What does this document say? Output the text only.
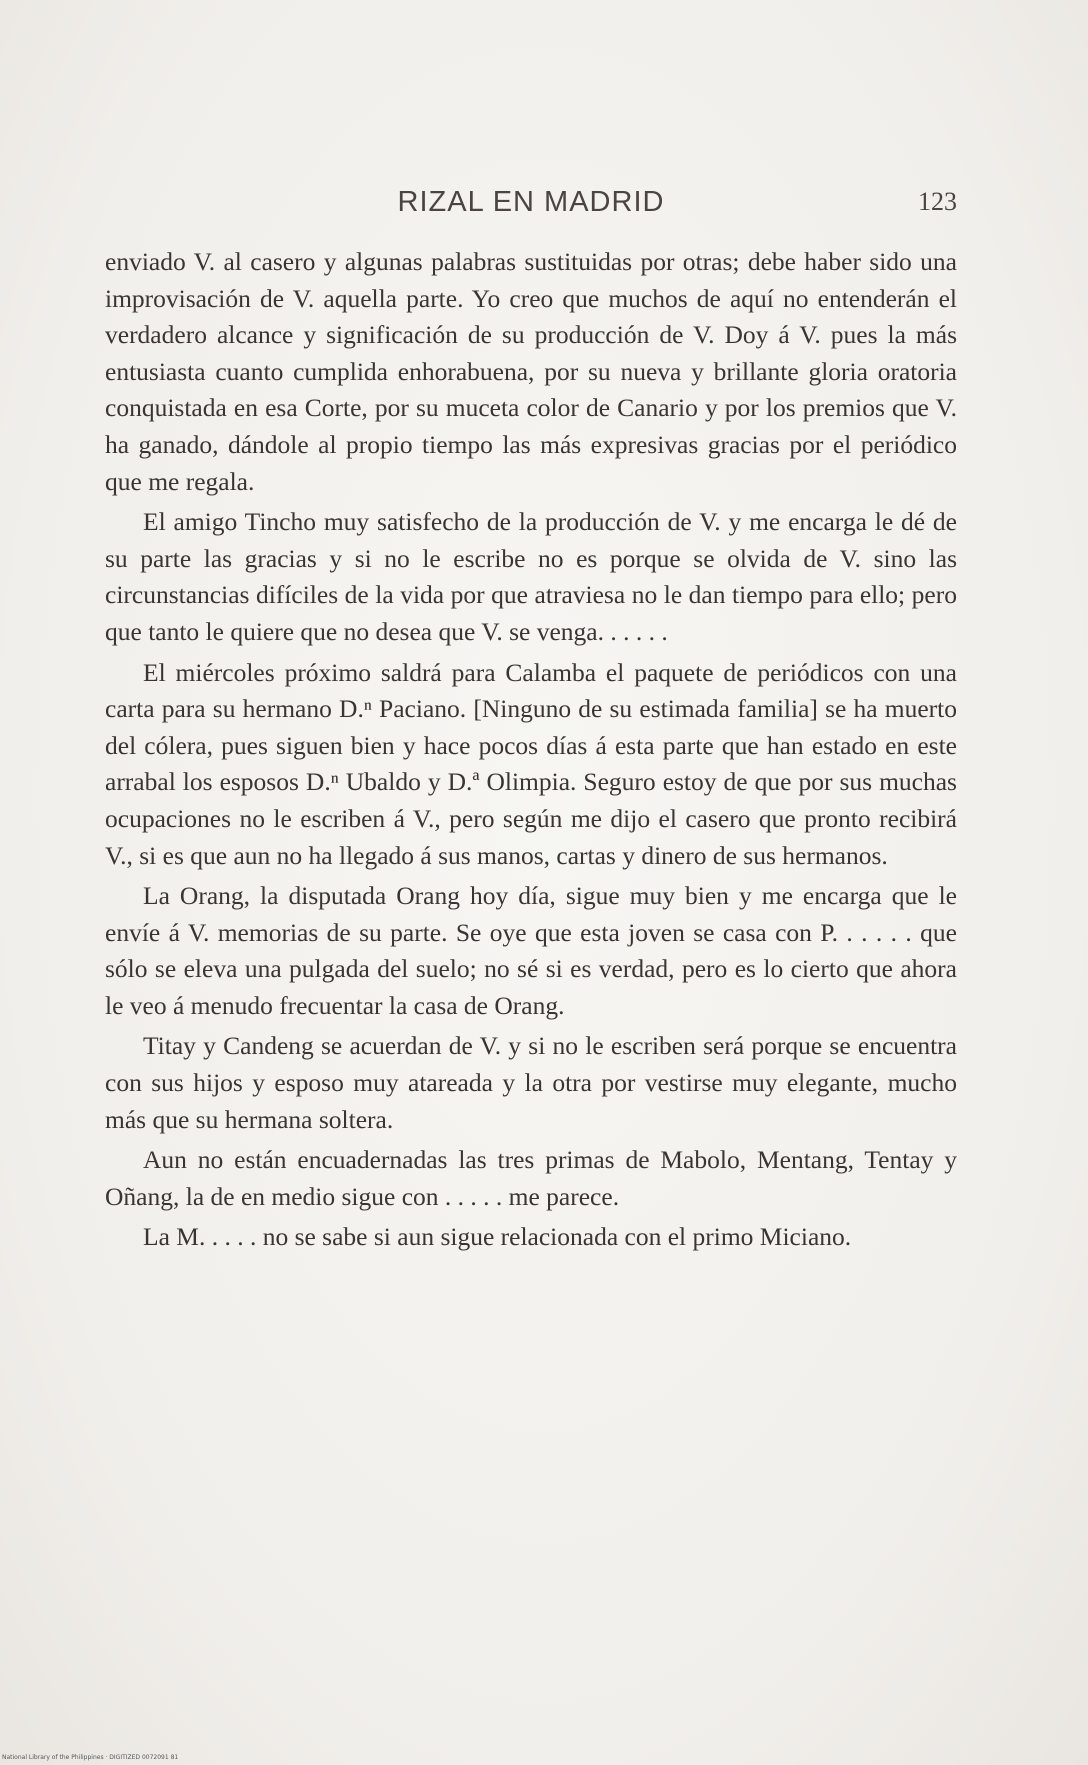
RIZAL EN MADRID	123

enviado V. al casero y algunas palabras sustituidas por otras; debe haber sido una improvisación de V. aquella parte. Yo creo que muchos de aquí no entenderán el verdadero alcance y significación de su producción de V. Doy á V. pues la más entusiasta cuanto cumplida enhorabuena, por su nueva y brillante gloria oratoria conquistada en esa Corte, por su muceta color de Canario y por los premios que V. ha ganado, dándole al propio tiempo las más expresivas gracias por el periódico que me regala.

El amigo Tincho muy satisfecho de la producción de V. y me encarga le dé de su parte las gracias y si no le escribe no es porque se olvida de V. sino las circunstancias difíciles de la vida por que atraviesa no le dan tiempo para ello; pero que tanto le quiere que no desea que V. se venga. . . . . .

El miércoles próximo saldrá para Calamba el paquete de periódicos con una carta para su hermano D.ⁿ Paciano. [Ninguno de su estimada familia] se ha muerto del cólera, pues siguen bien y hace pocos días á esta parte que han estado en este arrabal los esposos D.ⁿ Ubaldo y D.ª Olimpia. Seguro estoy de que por sus muchas ocupaciones no le escriben á V., pero según me dijo el casero que pronto recibirá V., si es que aun no ha llegado á sus manos, cartas y dinero de sus hermanos.

La Orang, la disputada Orang hoy día, sigue muy bien y me encarga que le envíe á V. memorias de su parte. Se oye que esta joven se casa con P. . . . . . que sólo se eleva una pulgada del suelo; no sé si es verdad, pero es lo cierto que ahora le veo á menudo frecuentar la casa de Orang.

Titay y Candeng se acuerdan de V. y si no le escriben será porque se encuentra con sus hijos y esposo muy atareada y la otra por vestirse muy elegante, mucho más que su hermana soltera.

Aun no están encuadernadas las tres primas de Mabolo, Mentang, Tentay y Oñang, la de en medio sigue con . . . . . me parece.

La M. . . . . no se sabe si aun sigue relacionada con el primo Miciano.

National Library of the Philippines · DIGITIZED 0072091 81
